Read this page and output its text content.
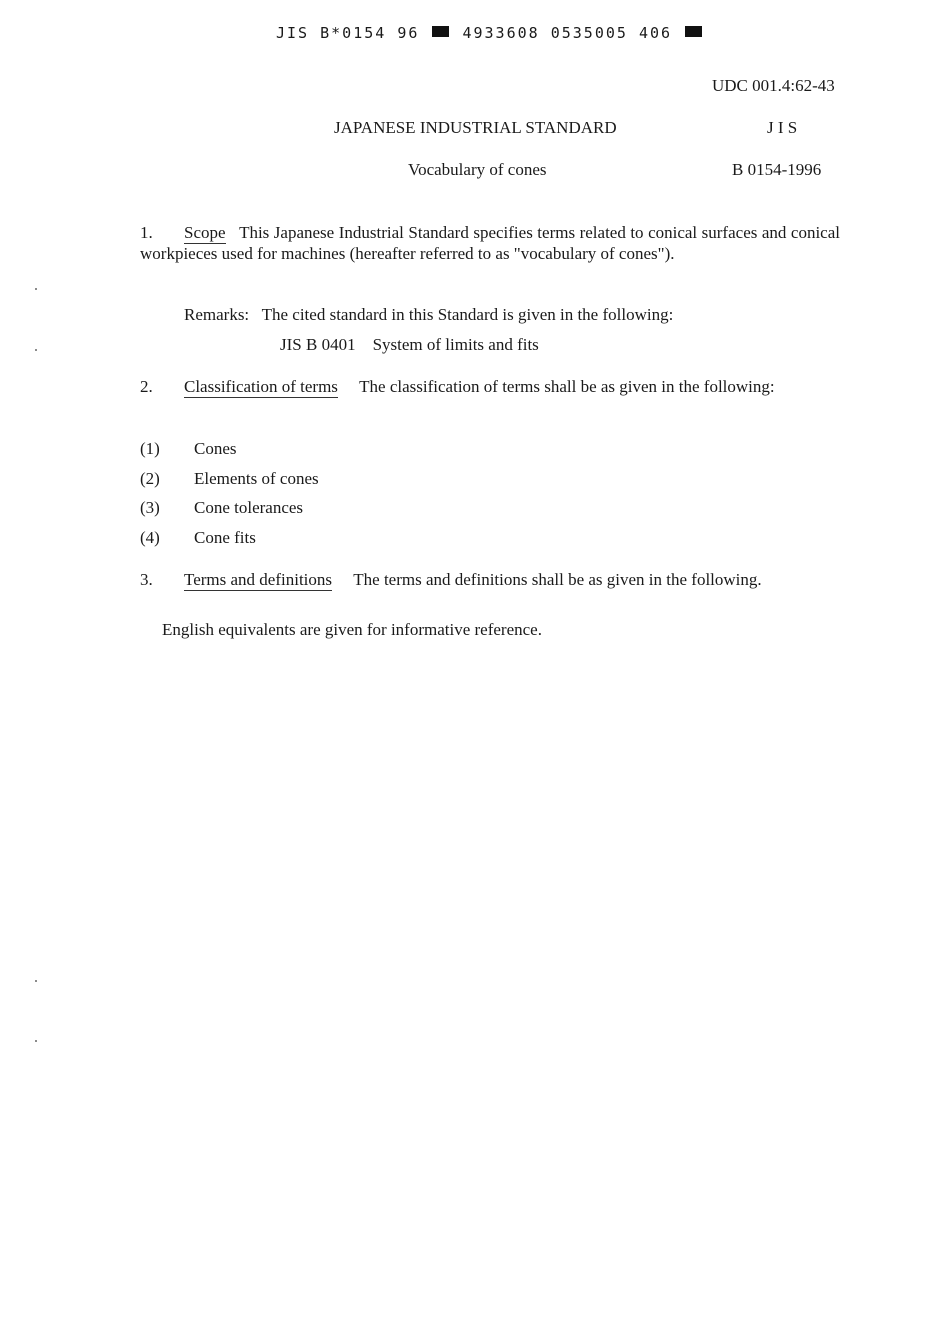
JIS B*0154 96	4933608 0535005 406
UDC 001.4:62-43
JAPANESE INDUSTRIAL STANDARD	J I S
Vocabulary of cones	B 0154-1996
1. Scope This Japanese Industrial Standard specifies terms related to conical surfaces and conical workpieces used for machines (hereafter referred to as "vocabulary of cones").
Remarks: The cited standard in this Standard is given in the following:
JIS B 0401 System of limits and fits
2. Classification of terms The classification of terms shall be as given in the following:
(1) Cones
(2) Elements of cones
(3) Cone tolerances
(4) Cone fits
3. Terms and definitions The terms and definitions shall be as given in the following.
English equivalents are given for informative reference.
